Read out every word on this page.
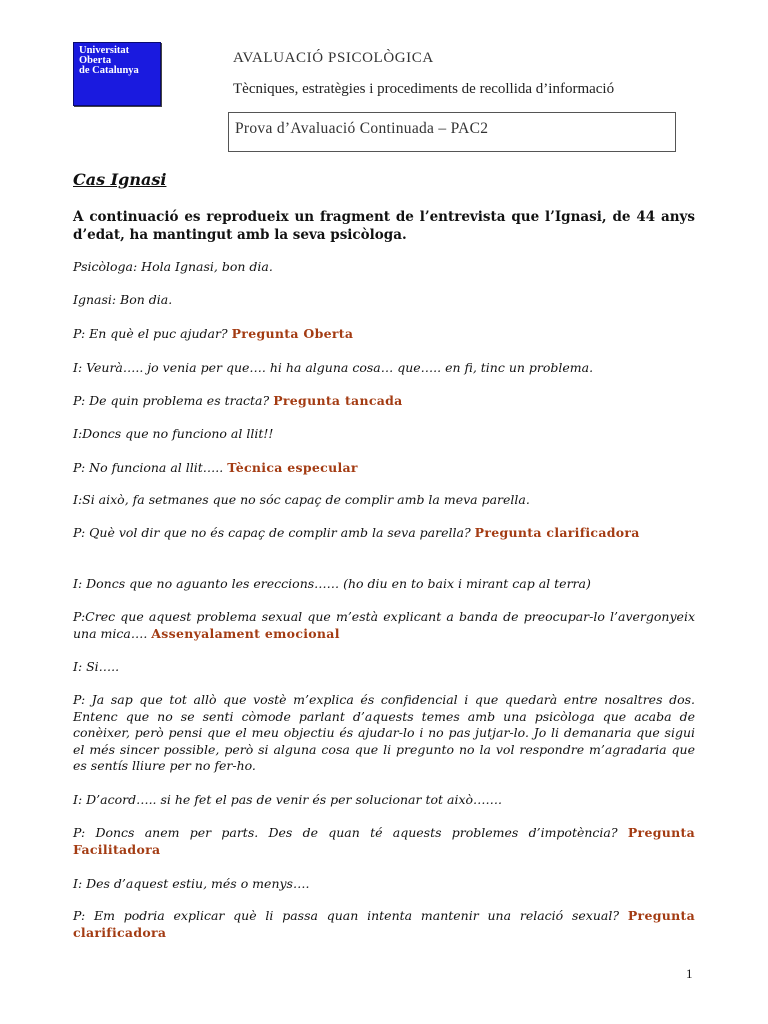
Universitat
Oberta
de Catalunya
AVALUACIÓ PSICOLÒGICA
Tècniques, estratègies i procediments de recollida d’informació
Prova d’Avaluació Continuada – PAC2
Cas Ignasi
A continuació es reprodueix un fragment de l’entrevista que l’Ignasi, de 44 anys d’edat, ha mantingut amb la seva psicòloga.
Psicòloga: Hola Ignasi, bon dia.
Ignasi: Bon dia.
P: En què el puc ajudar? Pregunta Oberta
I: Veurà….. jo venia per que…. hi ha alguna cosa… que….. en fi, tinc un problema.
P: De quin problema es tracta? Pregunta tancada
I:Doncs que no funciono al llit!!
P: No funciona al llit….. Tècnica especular
I:Si això, fa setmanes que no sóc capaç de complir amb la meva parella.
P: Què vol dir que no és capaç de complir amb la seva parella? Pregunta clarificadora
I: Doncs que no aguanto les ereccions…… (ho diu en to baix i mirant cap al terra)
P:Crec que aquest problema sexual que m’està explicant a banda de preocupar-lo l’avergonyeix una mica…. Assenyalament emocional
I: Si…..
P: Ja sap que tot allò que vostè m’explica és confidencial i que quedarà entre nosaltres dos. Entenc que no se senti còmode parlant d’aquests temes amb una psicòloga que acaba de conèixer, però pensi que el meu objectiu és ajudar-lo i no pas jutjar-lo. Jo li demanaria que sigui el més sincer possible, però si alguna cosa que li pregunto no la vol respondre m’agradaria que es sentís lliure per no fer-ho.
I: D’acord….. si he fet el pas de venir és per solucionar tot això…….
P: Doncs anem per parts. Des de quan té aquests problemes d’impotència? Pregunta Facilitadora
I: Des d’aquest estiu, més o menys….
P: Em podria explicar què li passa quan intenta mantenir una relació sexual? Pregunta clarificadora
1
